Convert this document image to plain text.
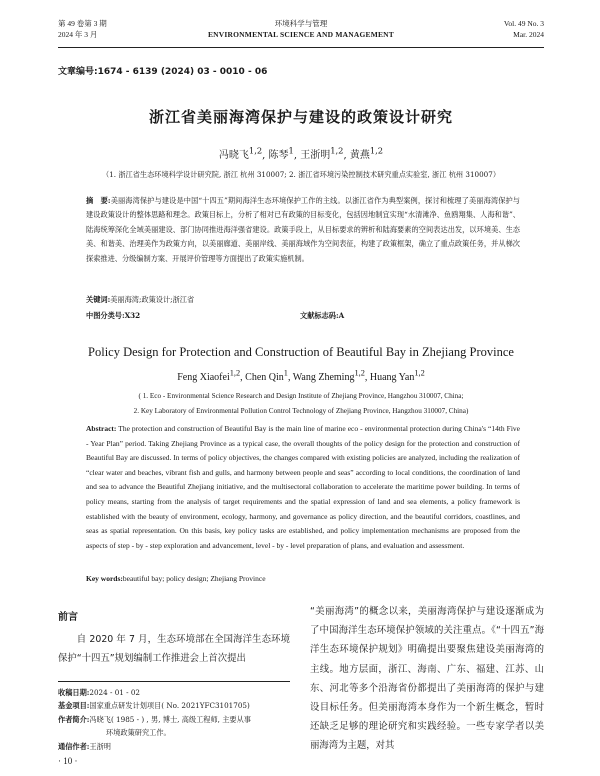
第 49 卷第 3 期
2024 年 3 月
环境科学与管理
ENVIRONMENTAL SCIENCE AND MANAGEMENT
Vol. 49 No. 3
Mar. 2024
文章编号:1674 - 6139 (2024) 03 - 0010 - 06
浙江省美丽海湾保护与建设的政策设计研究
冯晓飞$^{1,2}$, 陈琴$^1$, 王浙明$^{1,2}$, 黄燕$^{1,2}$
（1. 浙江省生态环境科学设计研究院, 浙江 杭州 310007; 2. 浙江省环境污染控制技术研究重点实验室, 浙江 杭州 310007）
摘　要:美丽海湾保护与建设是中国“十四五”期间海洋生态环境保护工作的主线。以浙江省作为典型案例，探讨和梳理了美丽海湾保护与建设政策设计的整体思路和理念。政策目标上，分析了相对已有政策的目标变化，包括因地制宜实现“水清滩净、鱼鸥翔集、人海和谐”、陆海统筹深化全域美丽建设、部门协同推进海洋强省建设。政策手段上，从目标要求的辨析和陆海要素的空间表达出发，以环境美、生态美、和谐美、治理美作为政策方向，以美丽廊道、美丽岸线、美丽海域作为空间表征，构建了政策框架，确立了重点政策任务，并从梯次探索推进、分级编制方案、开展评价管理等方面提出了政策实施机制。
关键词:美丽海湾;政策设计;浙江省
中图分类号:X32	文献标志码:A
Policy Design for Protection and Construction of Beautiful Bay in Zhejiang Province
Feng Xiaofei$^{1,2}$, Chen Qin$^1$, Wang Zheming$^{1,2}$, Huang Yan$^{1,2}$
( 1. Eco - Environmental Science Research and Design Institute of Zhejiang Province, Hangzhou 310007, China;
2. Key Laboratory of Environmental Pollution Control Technology of Zhejiang Province, Hangzhou 310007, China)
Abstract: The protection and construction of Beautiful Bay is the main line of marine eco - environmental protection during China's “14th Five - Year Plan” period. Taking Zhejiang Province as a typical case, the overall thoughts of the policy design for the protection and construction of Beautiful Bay are discussed. In terms of policy objectives, the changes compared with existing policies are analyzed, including the realization of “clear water and beaches, vibrant fish and gulls, and harmony between people and seas” according to local conditions, the coordination of land and sea to advance the Beautiful Zhejiang initiative, and the multisectoral collaboration to accelerate the maritime power building. In terms of policy means, starting from the analysis of target requirements and the spatial expression of land and sea elements, a policy framework is established with the beauty of environment, ecology, harmony, and governance as policy direction, and the beautiful corridors, coastlines, and seas as spatial representation. On this basis, key policy tasks are established, and policy implementation mechanisms are proposed from the aspects of step - by - step exploration and advancement, level - by - level preparation of plans, and evaluation and assessment.
Key words:beautiful bay; policy design; Zhejiang Province
前言

自 2020 年 7 月，生态环境部在全国海洋生态环境保护“十四五”规划编制工作推进会上首次提出

收稿日期:2024 - 01 - 02
基金项目:国家重点研发计划项目( No. 2021YFC3101705)
作者简介:冯晓飞( 1985 - ) , 男, 博士, 高级工程师, 主要从事
环境政策研究工作。
通信作者:王浙明

“美丽海湾”的概念以来，美丽海湾保护与建设逐渐成为了中国海洋生态环境保护领域的关注重点。《“十四五”海洋生态环境保护规划》明确提出要聚焦建设美丽海湾的主线。地方层面，浙江、海南、广东、福建、江苏、山东、河北等多个沿海省份都提出了美丽海湾的保护与建设目标任务。但美丽海湾本身作为一个新生概念，暂时还缺乏足够的理论研究和实践经验。一些专家学者以美丽海湾为主题，对其

· 10 ·
